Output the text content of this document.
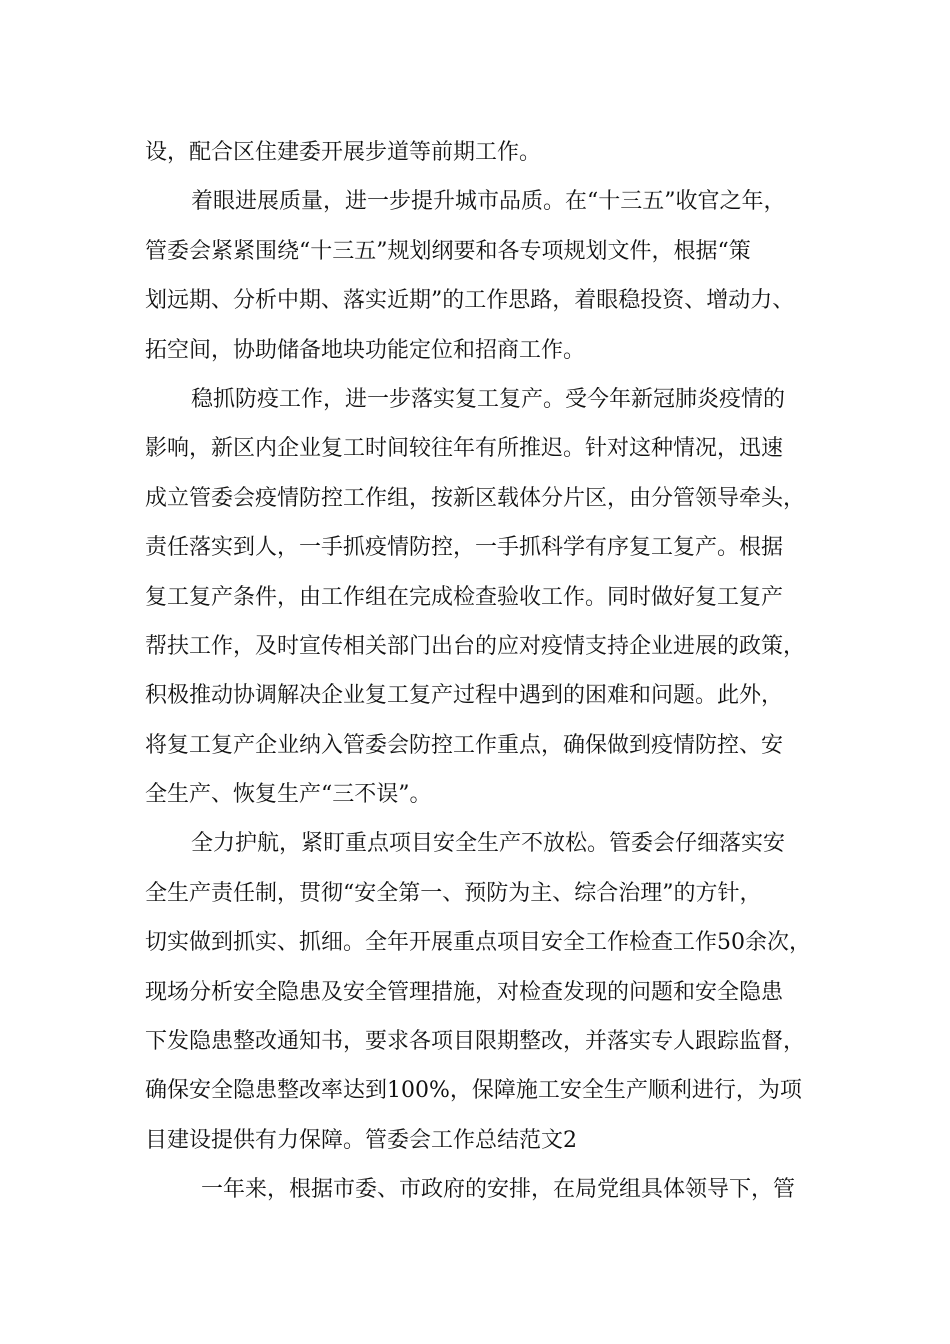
设，配合区住建委开展步道等前期工作。
着眼进展质量，进一步提升城市品质。在“十三五”收官之年，
管委会紧紧围绕“十三五”规划纲要和各专项规划文件，根据“策
划远期、分析中期、落实近期”的工作思路，着眼稳投资、增动力、
拓空间，协助储备地块功能定位和招商工作。
稳抓防疫工作，进一步落实复工复产。受今年新冠肺炎疫情的
影响，新区内企业复工时间较往年有所推迟。针对这种情况，迅速
成立管委会疫情防控工作组，按新区载体分片区，由分管领导牵头，
责任落实到人，一手抓疫情防控，一手抓科学有序复工复产。根据
复工复产条件，由工作组在完成检查验收工作。同时做好复工复产
帮扶工作，及时宣传相关部门出台的应对疫情支持企业进展的政策，
积极推动协调解决企业复工复产过程中遇到的困难和问题。此外，
将复工复产企业纳入管委会防控工作重点，确保做到疫情防控、安
全生产、恢复生产“三不误”。
全力护航，紧盯重点项目安全生产不放松。管委会仔细落实安
全生产责任制，贯彻“安全第一、预防为主、综合治理”的方针，
切实做到抓实、抓细。全年开展重点项目安全工作检查工作50余次，
现场分析安全隐患及安全管理措施，对检查发现的问题和安全隐患
下发隐患整改通知书，要求各项目限期整改，并落实专人跟踪监督，
确保安全隐患整改率达到100%，保障施工安全生产顺利进行，为项
目建设提供有力保障。管委会工作总结范文2
一年来，根据市委、市政府的安排，在局党组具体领导下，管
